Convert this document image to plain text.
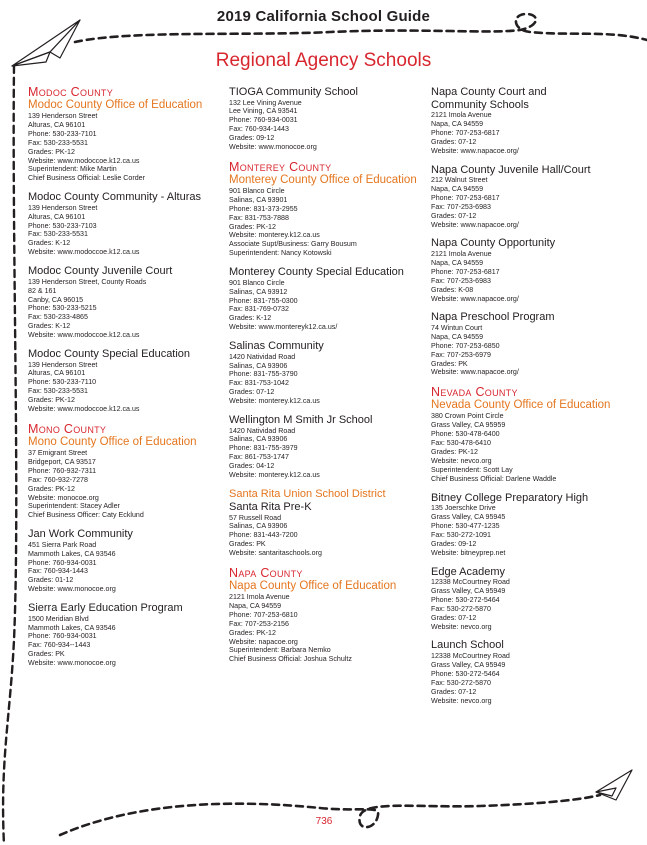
2019 California School Guide
Regional Agency Schools
Modoc County
Modoc County Office of Education
139 Henderson Street
Alturas, CA 96101
Phone: 530-233-7101
Fax: 530-233-5531
Grades: PK-12
Website: www.modoccoe.k12.ca.us
Superintendent: Mike Martin
Chief Business Official: Leslie Corder
Modoc County Community - Alturas
139 Henderson Street
Alturas, CA 96101
Phone: 530-233-7103
Fax: 530-233-5531
Grades: K-12
Website: www.modoccoe.k12.ca.us
Modoc County Juvenile Court
139 Henderson Street, County Roads
82 & 161
Canby, CA 96015
Phone: 530-233-5215
Fax: 530-233-4865
Grades: K-12
Website: www.modoccoe.k12.ca.us
Modoc County Special Education
139 Henderson Street
Alturas, CA 96101
Phone: 530-233-7110
Fax: 530-233-5531
Grades: PK-12
Website: www.modoccoe.k12.ca.us
Mono County
Mono County Office of Education
37 Emigrant Street
Bridgeport, CA 93517
Phone: 760-932-7311
Fax: 760-932-7278
Grades: PK-12
Website: monocoe.org
Superintendent: Stacey Adler
Chief Business Officer: Caty Ecklund
Jan Work Community
451 Sierra Park Road
Mammoth Lakes, CA 93546
Phone: 760-934-0031
Fax: 760-934-1443
Grades: 01-12
Website: www.monocoe.org
Sierra Early Education Program
1500 Meridian Blvd
Mammoth Lakes, CA 93546
Phone: 760-934-0031
Fax: 760-934--1443
Grades: PK
Website: www.monocoe.org
TIOGA Community School
132 Lee Vining Avenue
Lee Vining, CA 93541
Phone: 760-934-0031
Fax: 760-934-1443
Grades: 09-12
Website: www.monocoe.org
Monterey County
Monterey County Office of Education
901 Blanco Circle
Salinas, CA 93901
Phone: 831-373-2955
Fax: 831-753-7888
Grades: PK-12
Website: monterey.k12.ca.us
Associate Supt/Business: Garry Bousum
Superintendent: Nancy Kotowski
Monterey County Special Education
901 Blanco Circle
Salinas, CA 93912
Phone: 831-755-0300
Fax: 831-769-0732
Grades: K-12
Website: www.montereyk12.ca.us/
Salinas Community
1420 Natividad Road
Salinas, CA 93906
Phone: 831-755-3790
Fax: 831-753-1042
Grades: 07-12
Website: monterey.k12.ca.us
Wellington M Smith Jr School
1420 Natividad Road
Salinas, CA 93906
Phone: 831-755-3979
Fax: 861-753-1747
Grades: 04-12
Website: monterey.k12.ca.us
Santa Rita Union School District
Santa Rita Pre-K
57 Russell Road
Salinas, CA 93906
Phone: 831-443-7200
Grades: PK
Website: santaritaschools.org
Napa County
Napa County Office of Education
2121 Imola Avenue
Napa, CA 94559
Phone: 707-253-6810
Fax: 707-253-2156
Grades: PK-12
Website: napacoe.org
Superintendent: Barbara Nemko
Chief Business Official: Joshua Schultz
Napa County Court and
Community Schools
2121 Imola Avenue
Napa, CA 94559
Phone: 707-253-6817
Grades: 07-12
Website: www.napacoe.org/
Napa County Juvenile Hall/Court
212 Walnut Street
Napa, CA 94559
Phone: 707-253-6817
Fax: 707-253-6983
Grades: 07-12
Website: www.napacoe.org/
Napa County Opportunity
2121 Imola Avenue
Napa, CA 94559
Phone: 707-253-6817
Fax: 707-253-6983
Grades: K-08
Website: www.napacoe.org/
Napa Preschool Program
74 Wintun Court
Napa, CA 94559
Phone: 707-253-6850
Fax: 707-253-6979
Grades: PK
Website: www.napacoe.org/
Nevada County
Nevada County Office of Education
380 Crown Point Circle
Grass Valley, CA 95959
Phone: 530-478-6400
Fax: 530-478-6410
Grades: PK-12
Website: nevco.org
Superintendent: Scott Lay
Chief Business Official: Darlene Waddle
Bitney College Preparatory High
135 Joerschke Drive
Grass Valley, CA 95945
Phone: 530-477-1235
Fax: 530-272-1091
Grades: 09-12
Website: bitneyprep.net
Edge Academy
12338 McCourtney Road
Grass Valley, CA 95949
Phone: 530-272-5464
Fax: 530-272-5870
Grades: 07-12
Website: nevco.org
Launch School
12338 McCourtney Road
Grass Valley, CA 95949
Phone: 530-272-5464
Fax: 530-272-5870
Grades: 07-12
Website: nevco.org
736
